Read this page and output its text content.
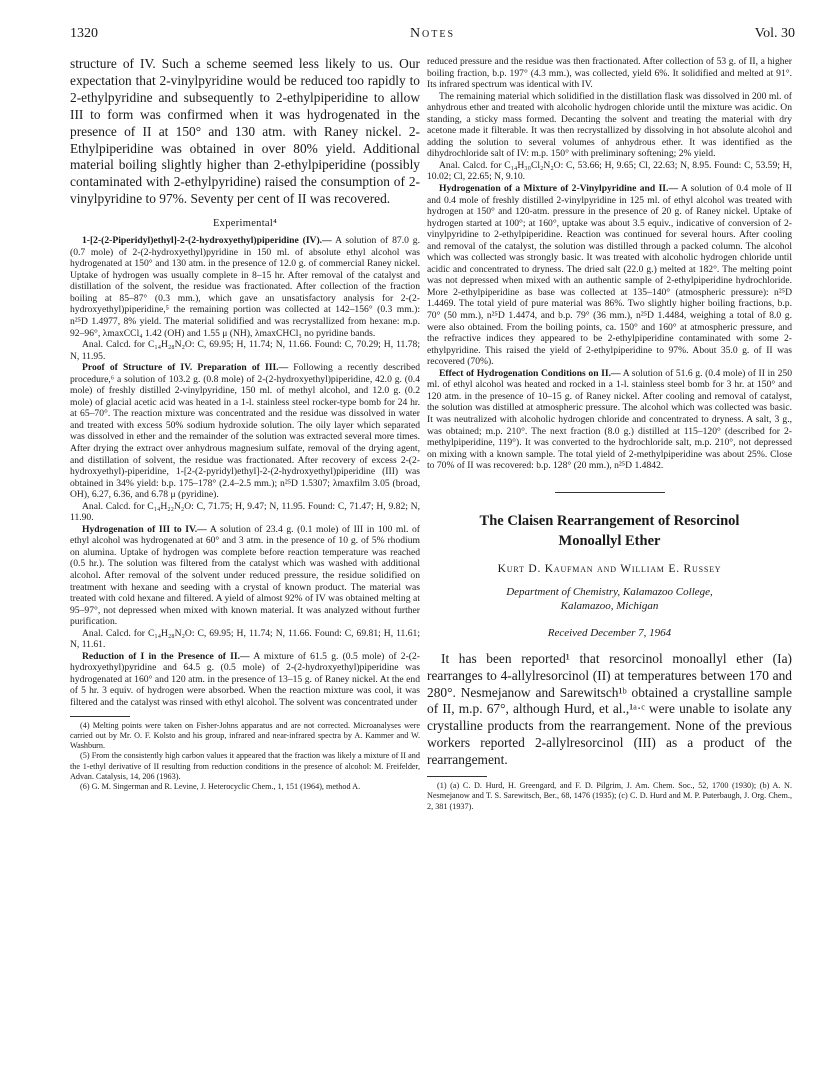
1320	Notes	Vol. 30

structure of IV. Such a scheme seemed less likely to us. Our expectation that 2-vinylpyridine would be reduced too rapidly to 2-ethylpyridine and subsequently to 2-ethylpiperidine to allow III to form was confirmed when it was hydrogenated in the presence of II at 150° and 130 atm. with Raney nickel. 2-Ethylpiperidine was obtained in over 80% yield. Additional material boiling slightly higher than 2-ethylpiperidine (possibly contaminated with 2-ethylpyridine) raised the consumption of 2-vinylpyridine to 97%. Seventy per cent of II was recovered.

Experimental⁴

1-[2-(2-Piperidyl)ethyl]-2-(2-hydroxyethyl)piperidine (IV).— A solution of 87.0 g. (0.7 mole) of 2-(2-hydroxyethyl)pyridine in 150 ml. of absolute ethyl alcohol was hydrogenated at 150° and 130 atm. in the presence of 12.0 g. of commercial Raney nickel. Uptake of hydrogen was usually complete in 8–15 hr. After removal of the catalyst and distillation of the solvent, the residue was fractionated. After collection of the fraction boiling at 85–87° (0.3 mm.), which gave an unsatisfactory analysis for 2-(2-hydroxyethyl)piperidine,⁵ the remaining portion was collected at 142–156° (0.3 mm.): n²⁵D 1.4977, 8% yield. The material solidified and was recrystallized from hexane: m.p. 92–96°, λmaxCCl₄ 1.42 (OH) and 1.55 μ (NH), λmaxCHCl₃ no pyridine bands.

Anal. Calcd. for C₁₄H₂₈N₂O: C, 69.95; H, 11.74; N, 11.66. Found: C, 70.29; H, 11.78; N, 11.95.

Proof of Structure of IV. Preparation of III.— Following a recently described procedure,⁶ a solution of 103.2 g. (0.8 mole) of 2-(2-hydroxyethyl)piperidine, 42.0 g. (0.4 mole) of freshly distilled 2-vinylpyridine, 150 ml. of methyl alcohol, and 12.0 g. (0.2 mole) of glacial acetic acid was heated in a 1-l. stainless steel rocker-type bomb for 24 hr. at 65–70°. The reaction mixture was concentrated and the residue was dissolved in water and treated with excess 50% sodium hydroxide solution. The oily layer which separated was dissolved in ether and the remainder of the solution was extracted several more times. After drying the extract over anhydrous magnesium sulfate, removal of the drying agent, and distillation of solvent, the residue was fractionated. After recovery of excess 2-(2-hydroxyethyl)-piperidine, 1-[2-(2-pyridyl)ethyl]-2-(2-hydroxyethyl)piperidine (III) was obtained in 34% yield: b.p. 175–178° (2.4–2.5 mm.); n²⁵D 1.5307; λmaxfilm 3.05 (broad, OH), 6.27, 6.36, and 6.78 μ (pyridine).

Anal. Calcd. for C₁₄H₂₂N₂O: C, 71.75; H, 9.47; N, 11.95. Found: C, 71.47; H, 9.82; N, 11.90.

Hydrogenation of III to IV.— A solution of 23.4 g. (0.1 mole) of III in 100 ml. of ethyl alcohol was hydrogenated at 60° and 3 atm. in the presence of 10 g. of 5% rhodium on alumina. Uptake of hydrogen was complete before reaction temperature was reached (0.5 hr.). The solution was filtered from the catalyst which was washed with additional alcohol. After removal of the solvent under reduced pressure, the residue solidified on treatment with hexane and seeding with a crystal of known product. The material was treated with cold hexane and filtered. A yield of almost 92% of IV was obtained melting at 95–97°, not depressed when mixed with known material. It was analyzed without further purification.

Anal. Calcd. for C₁₄H₂₈N₂O: C, 69.95; H, 11.74; N, 11.66. Found: C, 69.81; H, 11.61; N, 11.61.

Reduction of I in the Presence of II.— A mixture of 61.5 g. (0.5 mole) of 2-(2-hydroxyethyl)pyridine and 64.5 g. (0.5 mole) of 2-(2-hydroxyethyl)piperidine was hydrogenated at 160° and 120 atm. in the presence of 13–15 g. of Raney nickel. At the end of 5 hr. 3 equiv. of hydrogen were absorbed. When the reaction mixture was cool, it was filtered and the catalyst was rinsed with ethyl alcohol. The solvent was concentrated under

(4) Melting points were taken on Fisher-Johns apparatus and are not corrected. Microanalyses were carried out by Mr. O. F. Kolsto and his group, infrared and near-infrared spectra by A. Kammer and W. Washburn.

(5) From the consistently high carbon values it appeared that the fraction was likely a mixture of II and the 1-ethyl derivative of II resulting from reduction conditions in the presence of alcohol: M. Freifelder, Advan. Catalysis, 14, 206 (1963).

(6) G. M. Singerman and R. Levine, J. Heterocyclic Chem., 1, 151 (1964), method A.

reduced pressure and the residue was then fractionated. After collection of 53 g. of II, a higher boiling fraction, b.p. 197° (4.3 mm.), was collected, yield 6%. It solidified and melted at 91°. Its infrared spectrum was identical with IV.

The remaining material which solidified in the distillation flask was dissolved in 200 ml. of anhydrous ether and treated with alcoholic hydrogen chloride until the mixture was acidic. On standing, a sticky mass formed. Decanting the solvent and treating the material with dry acetone made it filterable. It was then recrystallized by dissolving in hot absolute alcohol and adding the solution to several volumes of anhydrous ether. It was identified as the dihydrochloride salt of IV: m.p. 150° with preliminary softening; 2% yield.

Anal. Calcd. for C₁₄H₃₀Cl₂N₂O: C, 53.66; H, 9.65; Cl, 22.63; N, 8.95. Found: C, 53.59; H, 10.02; Cl, 22.65; N, 9.10.

Hydrogenation of a Mixture of 2-Vinylpyridine and II.— A solution of 0.4 mole of II and 0.4 mole of freshly distilled 2-vinylpyridine in 125 ml. of ethyl alcohol was treated with hydrogen at 150° and 120-atm. pressure in the presence of 20 g. of Raney nickel. Uptake of hydrogen started at 100°; at 160°, uptake was about 3.5 equiv., indicative of conversion of 2-vinylpyridine to 2-ethylpiperidine. Reaction was continued for several hours. After cooling and removal of the catalyst, the solution was distilled through a packed column. The alcohol which was collected was strongly basic. It was treated with alcoholic hydrogen chloride until acidic and concentrated to dryness. The dried salt (22.0 g.) melted at 182°. The melting point was not depressed when mixed with an authentic sample of 2-ethylpiperidine hydrochloride. More 2-ethylpiperidine as base was collected at 135–140° (atmospheric pressure): n²⁵D 1.4469. The total yield of pure material was 86%. Two slightly higher boiling fractions, b.p. 70° (50 mm.), n²⁵D 1.4474, and b.p. 79° (36 mm.), n²⁵D 1.4484, weighing a total of 8.0 g. were also obtained. From the boiling points, ca. 150° and 160° at atmospheric pressure, and the refractive indices they appeared to be 2-ethylpiperidine contaminated with some 2-ethylpyridine. This raised the yield of 2-ethylpiperidine to 97%. About 35.0 g. of II was recovered (70%).

Effect of Hydrogenation Conditions on II.— A solution of 51.6 g. (0.4 mole) of II in 250 ml. of ethyl alcohol was heated and rocked in a 1-l. stainless steel bomb for 3 hr. at 150° and 120 atm. in the presence of 10–15 g. of Raney nickel. After cooling and removal of catalyst, the solution was distilled at atmospheric pressure. The alcohol which was collected was basic. It was neutralized with alcoholic hydrogen chloride and concentrated to dryness. A salt, 3 g., was obtained; m.p. 210°. The next fraction (8.0 g.) distilled at 115–120° (described for 2-methylpiperidine, 119°). It was converted to the hydrochloride salt, m.p. 210°, not depressed on mixing with a known sample. The total yield of 2-methylpiperidine was about 25%. Close to 70% of II was recovered: b.p. 128° (20 mm.), n²⁵D 1.4842.

The Claisen Rearrangement of Resorcinol Monoallyl Ether
Kurt D. Kaufman and William E. Russey

Department of Chemistry, Kalamazoo College,

Kalamazoo, Michigan

Received December 7, 1964

It has been reported¹ that resorcinol monoallyl ether (Ia) rearranges to 4-allylresorcinol (II) at temperatures between 170 and 280°. Nesmejanow and Sarewitsch¹ᵇ obtained a crystalline sample of II, m.p. 67°, although Hurd, et al.,¹ᵃ·ᶜ were unable to isolate any crystalline products from the rearrangement. None of the previous workers reported 2-allylresorcinol (III) as a product of the rearrangement.

(1) (a) C. D. Hurd, H. Greengard, and F. D. Pilgrim, J. Am. Chem. Soc., 52, 1700 (1930); (b) A. N. Nesmejanow and T. S. Sarewitsch, Ber., 68, 1476 (1935); (c) C. D. Hurd and M. P. Puterbaugh, J. Org. Chem., 2, 381 (1937).
